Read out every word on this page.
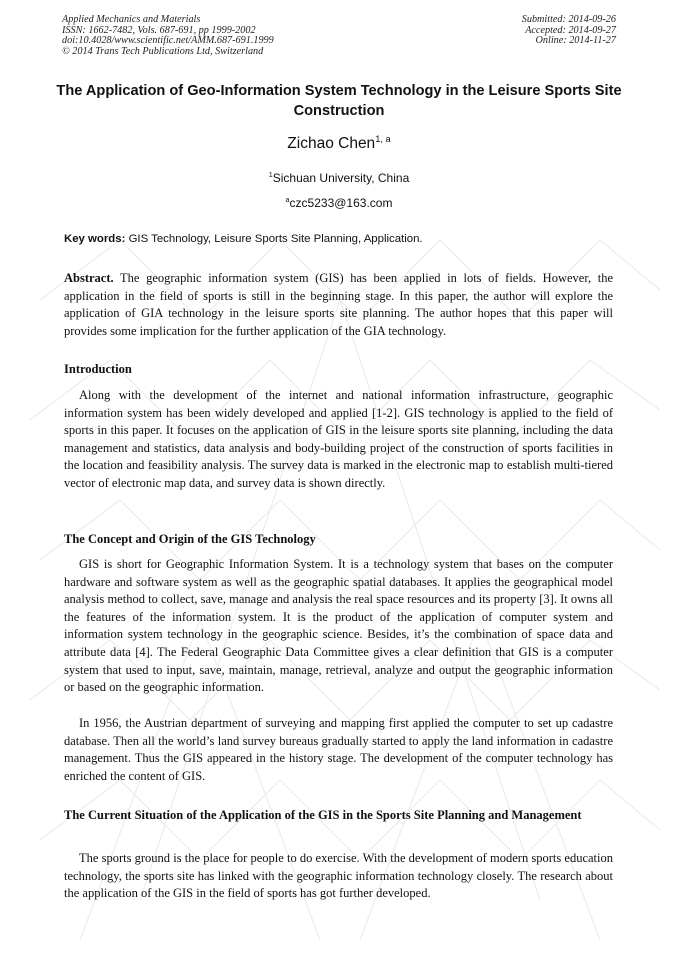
Applied Mechanics and Materials
ISSN: 1662-7482, Vols. 687-691, pp 1999-2002
doi:10.4028/www.scientific.net/AMM.687-691.1999
© 2014 Trans Tech Publications Ltd, Switzerland
Submitted: 2014-09-26
Accepted: 2014-09-27
Online: 2014-11-27
The Application of Geo-Information System Technology in the Leisure Sports Site Construction
Zichao Chen$^{1, a}$
$^1$Sichuan University, China
$^a$czc5233@163.com
Key words: GIS Technology, Leisure Sports Site Planning, Application.
Abstract. The geographic information system (GIS) has been applied in lots of fields. However, the application in the field of sports is still in the beginning stage. In this paper, the author will explore the application of GIA technology in the leisure sports site planning. The author hopes that this paper will provides some implication for the further application of the GIA technology.
Introduction
Along with the development of the internet and national information infrastructure, geographic information system has been widely developed and applied [1-2]. GIS technology is applied to the field of sports in this paper. It focuses on the application of GIS in the leisure sports site planning, including the data management and statistics, data analysis and body-building project of the construction of sports facilities in the location and feasibility analysis. The survey data is marked in the electronic map to establish multi-tiered vector of electronic map data, and survey data is shown directly.
The Concept and Origin of the GIS Technology
GIS is short for Geographic Information System. It is a technology system that bases on the computer hardware and software system as well as the geographic spatial databases. It applies the geographical model analysis method to collect, save, manage and analysis the real space resources and its property [3]. It owns all the features of the information system. It is the product of the application of computer system and information system technology in the geographic science. Besides, it’s the combination of space data and attribute data [4]. The Federal Geographic Data Committee gives a clear definition that GIS is a computer system that used to input, save, maintain, manage, retrieval, analyze and output the geographic information or based on the geographic information.
In 1956, the Austrian department of surveying and mapping first applied the computer to set up cadastre database. Then all the world’s land survey bureaus gradually started to apply the land information in cadastre management. Thus the GIS appeared in the history stage. The development of the computer technology has enriched the content of GIS.
The Current Situation of the Application of the GIS in the Sports Site Planning and Management
The sports ground is the place for people to do exercise. With the development of modern sports education technology, the sports site has linked with the geographic information technology closely. The research about the application of the GIS in the field of sports has got further developed.
